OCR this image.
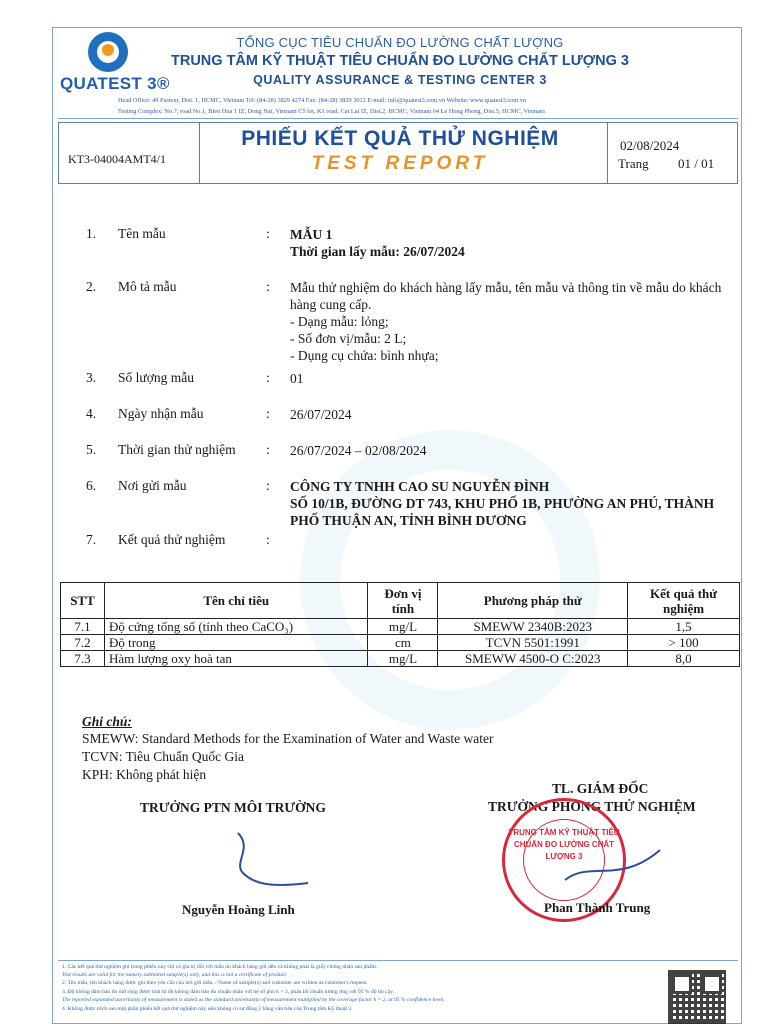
QUATEST 3®
TỔNG CỤC TIÊU CHUẨN ĐO LƯỜNG CHẤT LƯỢNG
TRUNG TÂM KỸ THUẬT TIÊU CHUẨN ĐO LƯỜNG CHẤT LƯỢNG 3
QUALITY ASSURANCE & TESTING CENTER 3
Head Office: 49 Pasteur, Dist. 1, HCMC, Vietnam Tel: (84-28) 3829 4274 Fax: (84-28) 3829 3012 E-mail: info@quatest3.com.vn Website: www.quatest3.com.vn
Testing Complex: No.7, road No.1, Bien Hoa 1 IZ, Dong Nai, Vietnam C5 lot, K1 road, Cat Lai IZ, Dist.2, HCMC, Vietnam 64 Le Hong Phong, Dist.5, HCMC, Vietnam
KT3-04004AMT4/1
PHIẾU KẾT QUẢ THỬ NGHIỆM
TEST REPORT
02/08/2024
Trang 01 / 01
1. Tên mẫu	: MẪU 1
Thời gian lấy mẫu: 26/07/2024
2. Mô tả mẫu	: Mẫu thử nghiệm do khách hàng lấy mẫu, tên mẫu và thông tin về mẫu do khách hàng cung cấp.
- Dạng mẫu: lỏng;
- Số đơn vị/mẫu: 2 L;
- Dụng cụ chứa: bình nhựa;
3. Số lượng mẫu	: 01
4. Ngày nhận mẫu	: 26/07/2024
5. Thời gian thử nghiệm : 26/07/2024 – 02/08/2024
6. Nơi gửi mẫu	: CÔNG TY TNHH CAO SU NGUYỄN ĐÌNH
SỐ 10/1B, ĐƯỜNG DT 743, KHU PHỐ 1B, PHƯỜNG AN PHÚ, THÀNH PHỐ THUẬN AN, TỈNH BÌNH DƯƠNG
7. Kết quả thử nghiệm	:
STT	Tên chỉ tiêu	Đơn vị tính	Phương pháp thử	Kết quả thử nghiệm
7.1	Độ cứng tổng số (tính theo CaCO₃)	mg/L	SMEWW 2340B:2023	1,5
7.2	Độ trong	cm	TCVN 5501:1991	> 100
7.3	Hàm lượng oxy hoà tan	mg/L	SMEWW 4500-O C:2023	8,0
Ghi chú:
SMEWW: Standard Methods for the Examination of Water and Waste water
TCVN: Tiêu Chuẩn Quốc Gia
KPH: Không phát hiện
TRƯỞNG PTN MÔI TRƯỜNG
Nguyễn Hoàng Linh
TL. GIÁM ĐỐC
TRƯỞNG PHÒNG THỬ NGHIỆM
TRUNG TÂM KỸ THUẬT TIÊU CHUẨN ĐO LƯỜNG CHẤT LƯỢNG 3
Phan Thành Trung
1. Các kết quả thử nghiệm ghi trong phiếu này chỉ có giá trị đối với mẫu do khách hàng gửi đến và không phải là giấy chứng nhận sản phẩm.
Test results are valid for the namely submitted sample(s) only, and this is not a certificate of product.
2. Tên mẫu, tên khách hàng được ghi theo yêu cầu của nơi gửi mẫu. / Name of sample(s) and customer are written as customer's request.
3. Độ không đảm bảo đo mở rộng được tính từ độ không đảm bảo đo chuẩn nhân với hệ số phủ k = 2, phân bố chuẩn tương ứng với 95 % độ tin cậy.
The reported expanded uncertainty of measurement is stated as the standard uncertainty of measurement multiplied by the coverage factor k = 2, at 95 % confidence level.
4. Không được trích sao một phần phiếu kết quả thử nghiệm này nếu không có sự đồng ý bằng văn bản của Trung tâm Kỹ thuật 3.
